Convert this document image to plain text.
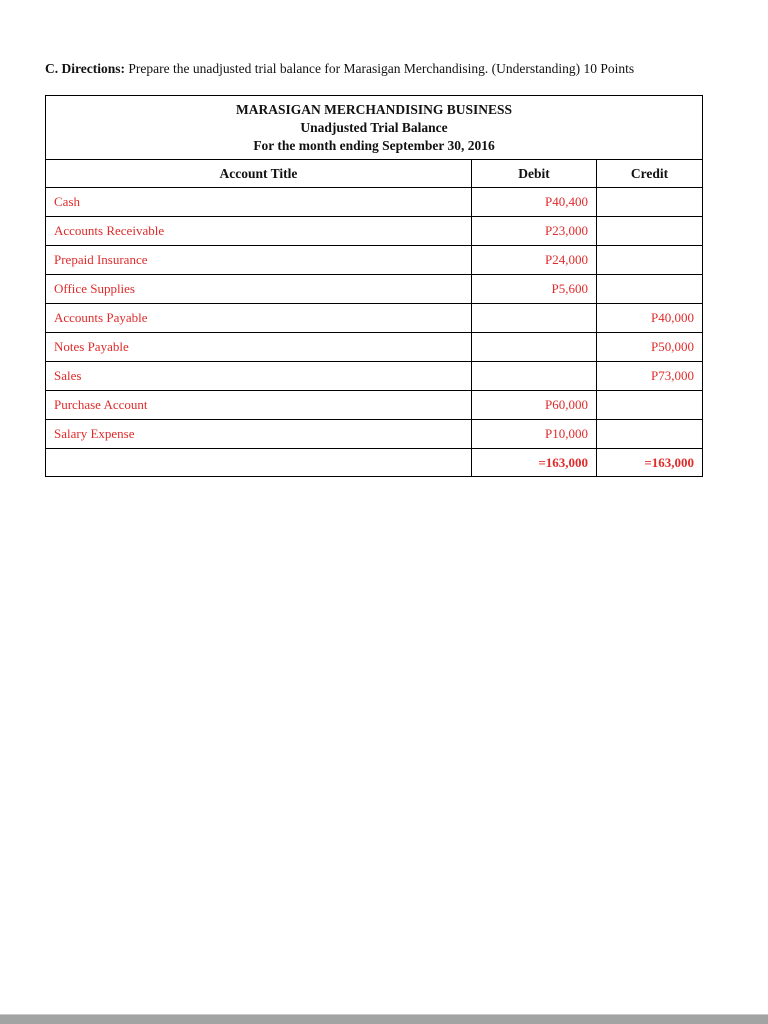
C. Directions: Prepare the unadjusted trial balance for Marasigan Merchandising. (Understanding) 10 Points

MARASIGAN MERCHANDISING BUSINESS
Unadjusted Trial Balance
For the month ending September 30, 2016		

Account Title	Debit	Credit
Cash	P40,400	
Accounts Receivable	P23,000	
Prepaid Insurance	P24,000	
Office Supplies	P5,600	
Accounts Payable		P40,000
Notes Payable		P50,000
Sales		P73,000
Purchase Account	P60,000	
Salary Expense	P10,000	
	=163,000	=163,000
